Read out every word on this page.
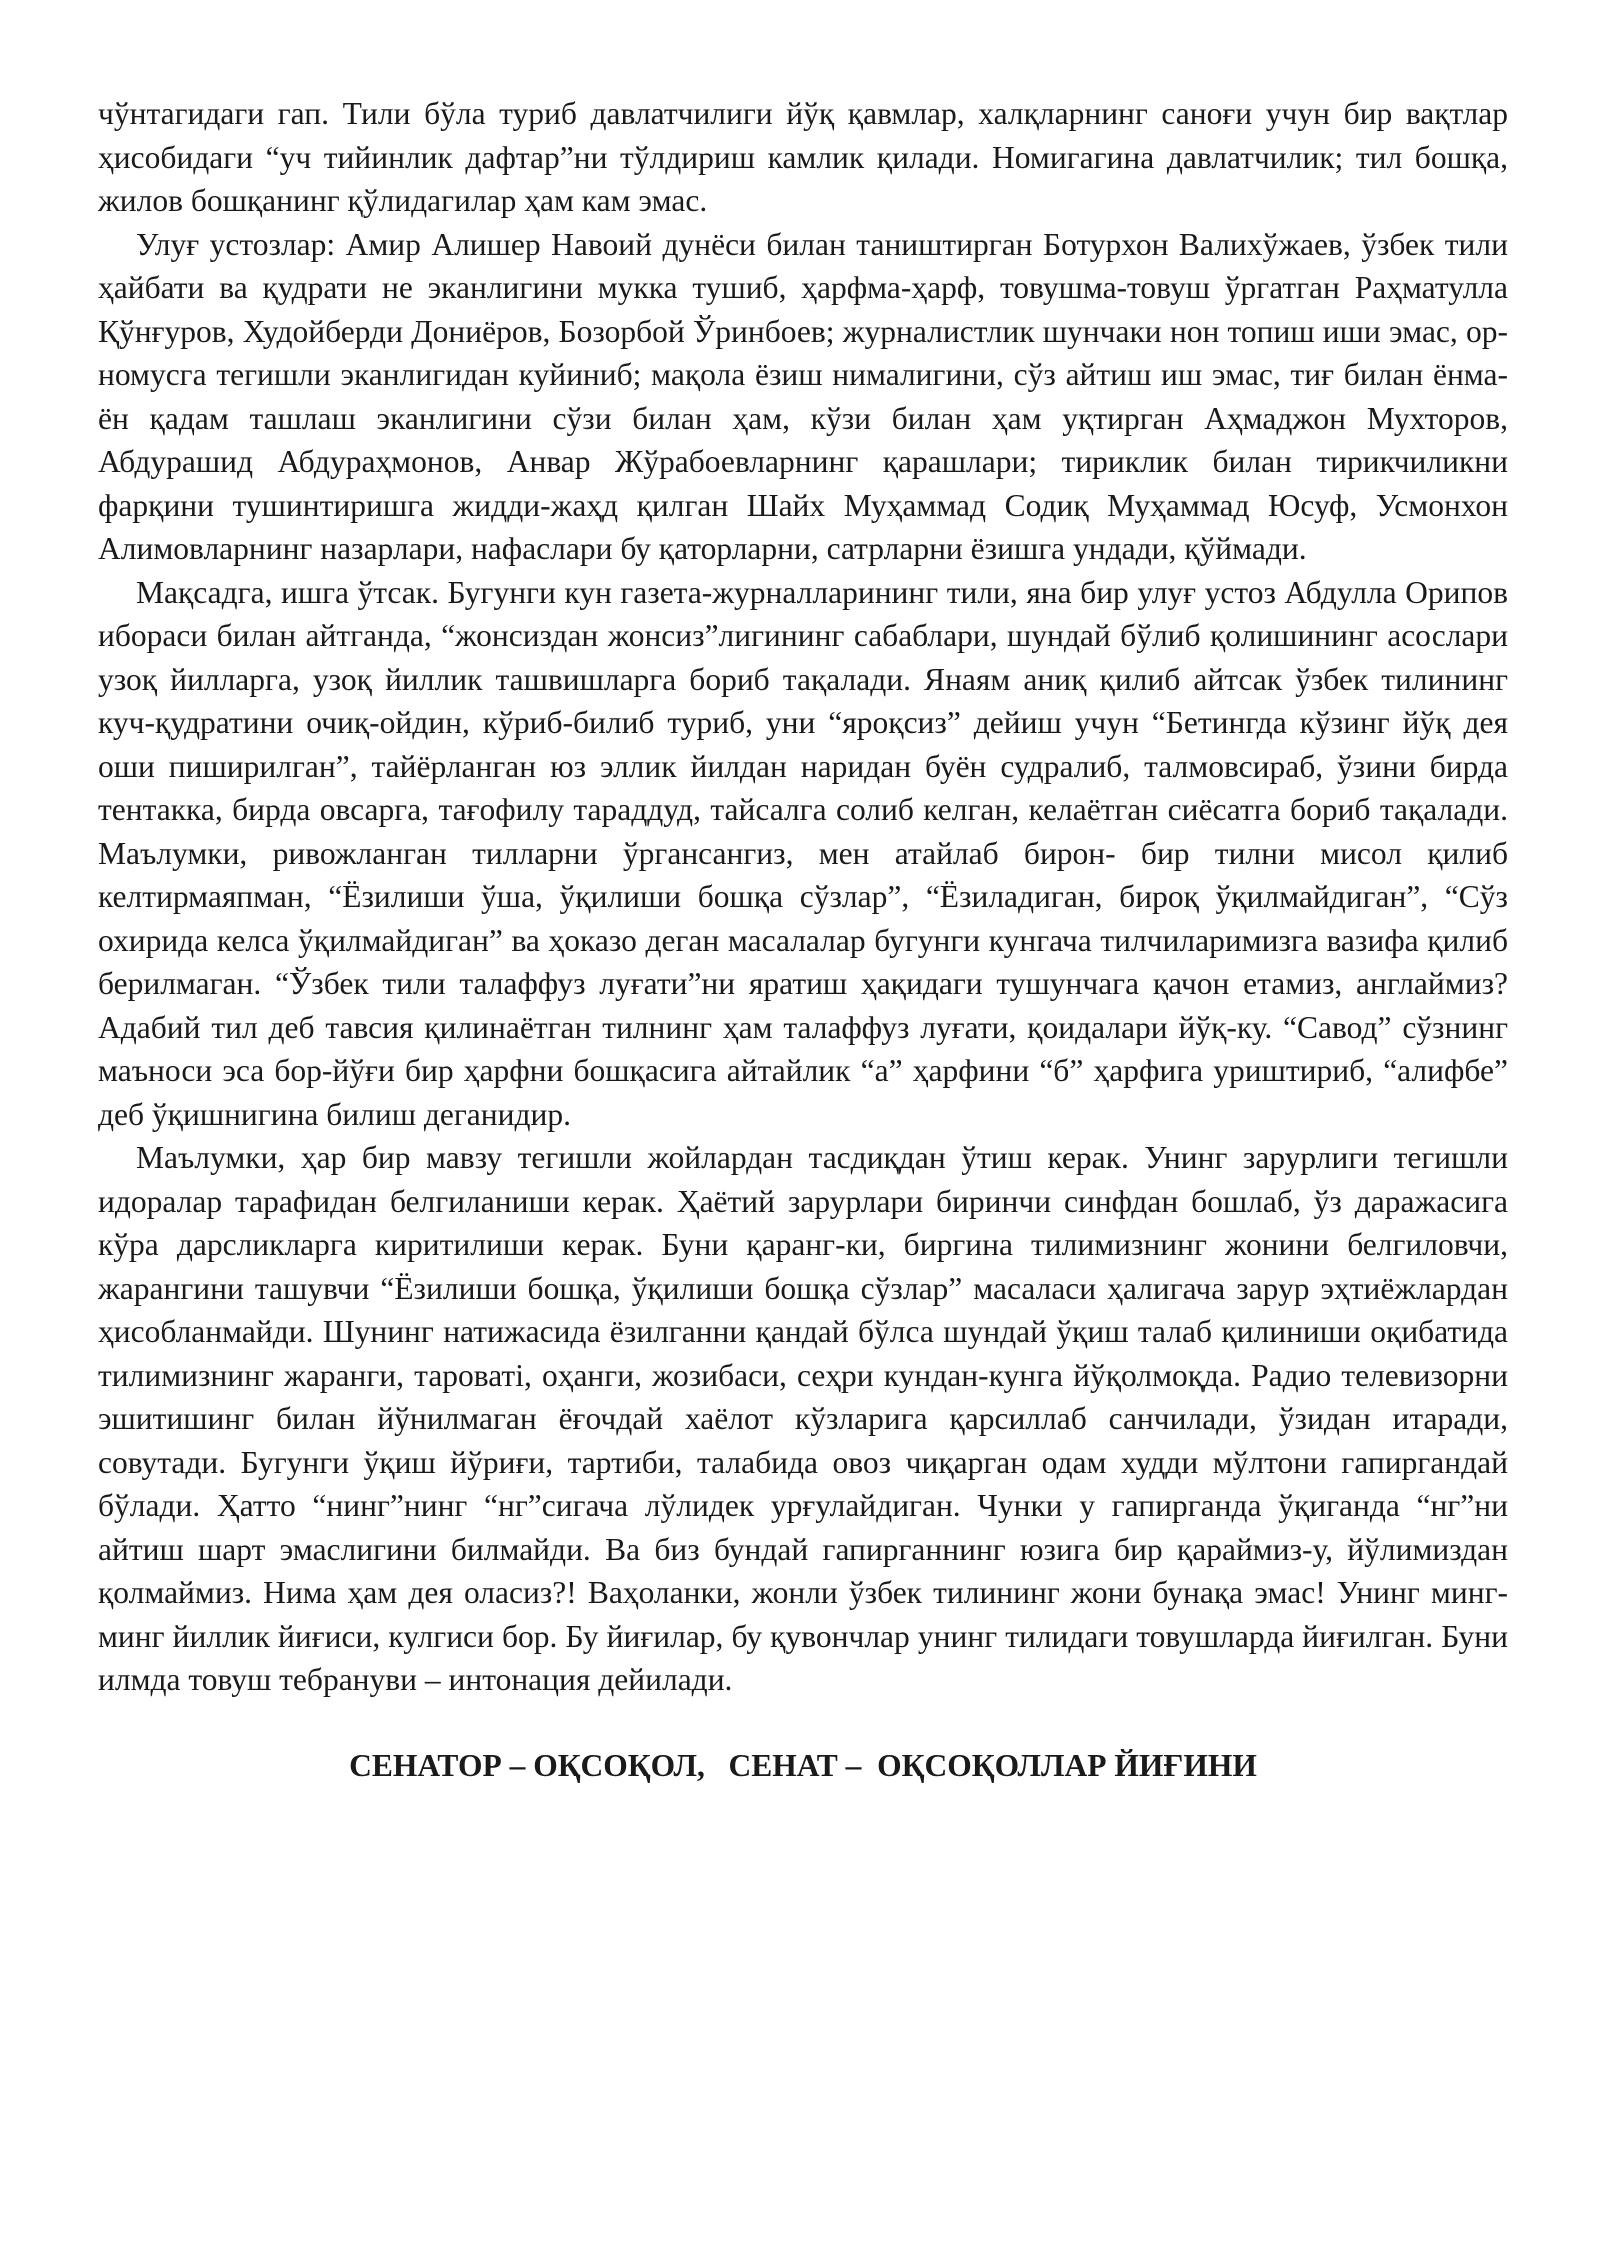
чўнтагидаги гап. Тили бўла туриб давлатчилиги йўқ қавмлар, халқларнинг саноғи учун бир вақтлар ҳисобидаги “уч тийинлик дафтар”ни тўлдириш камлик қилади. Номигагина давлатчилик; тил бошқа, жилов бошқанинг қўлидагилар ҳам кам эмас.

Улуғ устозлар: Амир Алишер Навоий дунёси билан таништирган Ботурхон Валихўжаев, ўзбек тили ҳайбати ва қудрати не эканлигини мукка тушиб, ҳарфма-ҳарф, товушма-товуш ўргатган Раҳматулла Қўнғуров, Худойберди Дониёров, Бозорбой Ўринбоев; журналистлик шунчаки нон топиш иши эмас, ор-номусга тегишли эканлигидан куйиниб; мақола ёзиш нималигини, сўз айтиш иш эмас, тиғ билан ёнма-ён қадам ташлаш эканлигини сўзи билан ҳам, кўзи билан ҳам уқтирган Аҳмаджон Мухторов, Абдурашид Абдураҳмонов, Анвар Жўрабоевларнинг қарашлари; тириклик билан тирикчиликни фарқини тушинтиришга жидди-жаҳд қилган Шайх Муҳаммад Содиқ Муҳаммад Юсуф, Усмонхон Алимовларнинг назарлари, нафаслари бу қаторларни, сатрларни ёзишга ундади, қўймади.

Мақсадга, ишга ўтсак. Бугунги кун газета-журналларининг тили, яна бир улуғ устоз Абдулла Орипов ибораси билан айтганда, “жонсиздан жонсиз”лигининг сабаблари, шундай бўлиб қолишининг асослари узоқ йилларга, узоқ йиллик ташвишларга бориб тақалади. Янаям аниқ қилиб айтсак ўзбек тилининг куч-қудратини очиқ-ойдин, кўриб-билиб туриб, уни “яроқсиз” дейиш учун “Бетингда кўзинг йўқ дея оши пиширилган”, тайёрланган юз эллик йилдан наридан буён судралиб, талмовсираб, ўзини бирда тентакка, бирда овсарга, тағофилу тараддуд, тайсалга солиб келган, келаётган сиёсатга бориб тақалади. Маълумки, ривожланган тилларни ўргансангиз, мен атайлаб бирон- бир тилни мисол қилиб келтирмаяпман, “Ёзилиши ўша, ўқилиши бошқа сўзлар”, “Ёзиладиган, бироқ ўқилмайдиган”, “Сўз охирида келса ўқилмайдиган” ва ҳоказо деган масалалар бугунги кунгача тилчиларимизга вазифа қилиб берилмаган. “Ўзбек тили талаффуз луғати”ни яратиш ҳақидаги тушунчага қачон етамиз, англаймиз? Адабий тил деб тавсия қилинаётган тилнинг ҳам талаффуз луғати, қоидалари йўқ-ку. “Савод” сўзнинг маъноси эса бор-йўғи бир ҳарфни бошқасига айтайлик “а” ҳарфини “б” ҳарфига уриштириб, “алифбе” деб ўқишнигина билиш деганидир.

Маълумки, ҳар бир мавзу тегишли жойлардан тасдиқдан ўтиш керак. Унинг зарурлиги тегишли идоралар тарафидан белгиланиши керак. Ҳаётий зарурлари биринчи синфдан бошлаб, ўз даражасига кўра дарсликларга киритилиши керак. Буни қаранг-ки, биргина тилимизнинг жонини белгиловчи, жарангини ташувчи “Ёзилиши бошқа, ўқилиши бошқа сўзлар” масаласи ҳалигача зарур эҳтиёжлардан ҳисобланмайди. Шунинг натижасида ёзилганни қандай бўлса шундай ўқиш талаб қилиниши оқибатида тилимизнинг жаранги, тароватi, оҳанги, жозибаси, сеҳри кундан-кунга йўқолмоқда. Радио телевизорни эшитишинг билан йўнилмаган ёғочдай хаёлот кўзларига қарсиллаб санчилади, ўзидан итаради, совутади. Бугунги ўқиш йўриғи, тартиби, талабида овоз чиқарган одам худди мўлтони гапиргандай бўлади. Ҳатто “нинг”нинг “нг”сигача лўлидек урғулайдиган. Чунки у гапирганда ўқиганда “нг”ни айтиш шарт эмаслигини билмайди. Ва биз бундай гапирганнинг юзига бир қараймиз-у, йўлимиздан қолмаймиз. Нима ҳам дея оласиз?! Ваҳоланки, жонли ўзбек тилининг жони бунақа эмас! Унинг минг-минг йиллик йиғиси, кулгиси бор. Бу йиғилар, бу қувончлар унинг тилидаги товушларда йиғилган. Буни илмда товуш тебрануви – интонация дейилади.

СЕНАТОР – ОҚСОҚОЛ,   СЕНАТ –  ОҚСОҚОЛЛАР ЙИҒИНИ
